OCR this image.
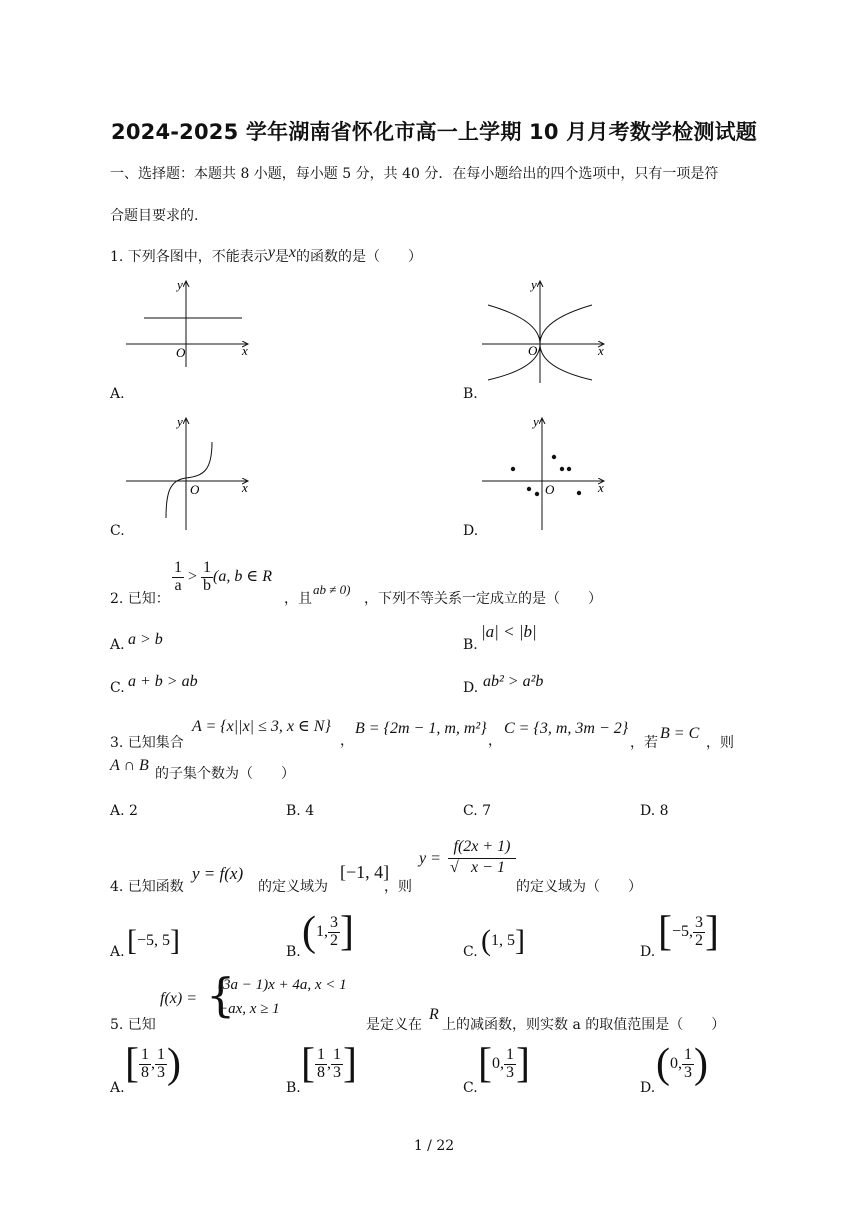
2024-2025 学年湖南省怀化市高一上学期 10 月月考数学检测试题
一、选择题：本题共 8 小题，每小题 5 分，共 40 分．在每小题给出的四个选项中，只有一项是符
合题目要求的.
1. 下列各图中，不能表示y是x的函数的是（　　）
O	x
y
A.
O	x
y
B.
O	x
y
C.
O	x
y
D.
2. 已知：
$\frac{1}{a} > \frac{1}{b} (a$, b ∈ R
，且
ab ≠ 0)
，下列不等关系一定成立的是（　　）
A. a > b	B.
|a| < |b|
C. a + b > ab	D. ab² > a²b
3. 已知集合
A = {x||x| ≤ 3, x ∈ N}
，
B = {2m − 1, m, m²}
，
C = {3, m, 3m − 2}
，若
B = C
，则
A ∩ B 的子集个数为（　　）
A. 2	B. 4	C. 7	D. 8
4. 已知函数
y = f(x)
的定义域为
[−1, 4]
，则
y =
f(2x + 1)
√ x − 1
的定义域为（　　）
A. [−5, 5]	B. (1, $\frac{3}{2}$ ]	C. (1, 5]	D. [−5, $\frac{3}{2}$ ]
5. 已知
f(x) = {
(3a − 1)x + 4a, x < 1
−ax, x ≥ 1
是定义在
R
上的减函数，则实数 a 的取值范围是（　　）
A.
[ $\frac{1}{8}$ , $\frac{1}{3}$ )
B.
[ $\frac{1}{8}$ , $\frac{1}{3}$ ]
C.
[0, $\frac{1}{3}$ ]
D.
(0, $\frac{1}{3}$ )
1 / 22
